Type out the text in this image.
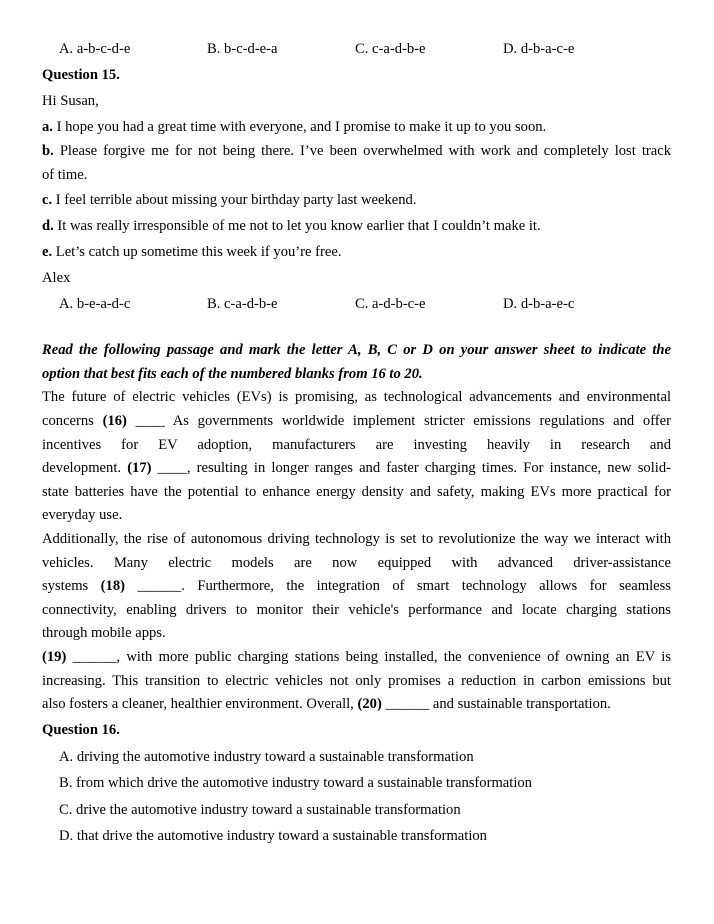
A. a-b-c-d-e	B. b-c-d-e-a	C. c-a-d-b-e	D. d-b-a-c-e
Question 15.
Hi Susan,
a. I hope you had a great time with everyone, and I promise to make it up to you soon.
b. Please forgive me for not being there. I’ve been overwhelmed with work and completely lost track
of time.
c. I feel terrible about missing your birthday party last weekend.
d. It was really irresponsible of me not to let you know earlier that I couldn’t make it.
e. Let’s catch up sometime this week if you’re free.
Alex
A. b-e-a-d-c	B. c-a-d-b-e	C. a-d-b-c-e	D. d-b-a-e-c
Read the following passage and mark the letter A, B, C or D on your answer sheet to indicate the
option that best fits each of the numbered blanks from 16 to 20.
The future of electric vehicles (EVs) is promising, as technological advancements and environmental
concerns (16) ____ As governments worldwide implement stricter emissions regulations and offer
incentives for EV adoption, manufacturers are investing heavily in research and
development. (17) ____, resulting in longer ranges and faster charging times. For instance, new solid-
state batteries have the potential to enhance energy density and safety, making EVs more practical for
everyday use.
Additionally, the rise of autonomous driving technology is set to revolutionize the way we interact with
vehicles. Many electric models are now equipped with advanced driver-assistance
systems (18) ______. Furthermore, the integration of smart technology allows for seamless
connectivity, enabling drivers to monitor their vehicle's performance and locate charging stations
through mobile apps.
(19) ______, with more public charging stations being installed, the convenience of owning an EV is
increasing. This transition to electric vehicles not only promises a reduction in carbon emissions but
also fosters a cleaner, healthier environment. Overall, (20) ______ and sustainable transportation.
Question 16.
A. driving the automotive industry toward a sustainable transformation
B. from which drive the automotive industry toward a sustainable transformation
C. drive the automotive industry toward a sustainable transformation
D. that drive the automotive industry toward a sustainable transformation
